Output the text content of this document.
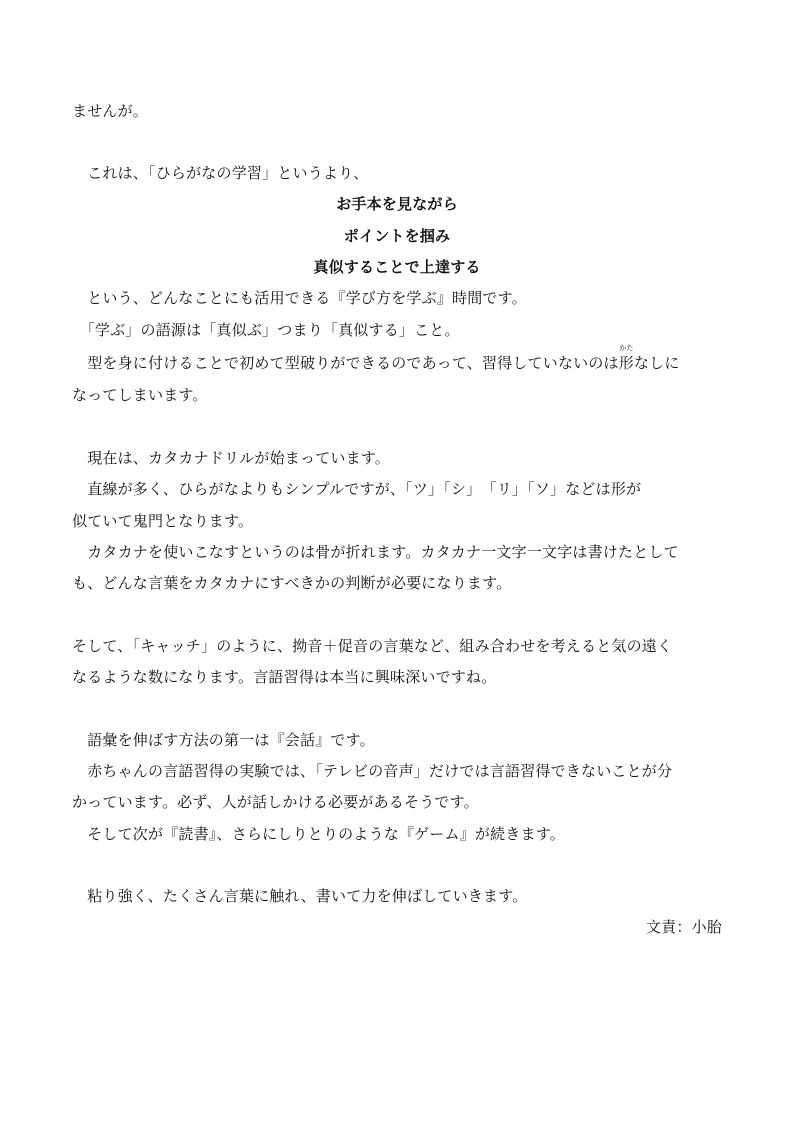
ませんが。
　これは、「ひらがなの学習」というより、
お手本を見ながら
ポイントを掴み
真似することで上達する
　という、どんなことにも活用できる『学び方を学ぶ』時間です。
　「学ぶ」の語源は「真似ぶ」つまり「真似する」こと。
　型を身に付けることで初めて型破りができるのであって、習得していないのは
かた
形なしに
なってしまいます。
　現在は、カタカナドリルが始まっています。
　直線が多く、ひらがなよりもシンプルですが、「ツ」「シ」　「リ」「ソ」などは形が
似ていて鬼門となります。
　カタカナを使いこなすというのは骨が折れます。カタカナ一文字一文字は書けたとして
も、どんな言葉をカタカナにすべきかの判断が必要になります。
そして、「キャッチ」のように、拗音＋促音の言葉など、組み合わせを考えると気の遠く
なるような数になります。言語習得は本当に興味深いですね。
　語彙を伸ばす方法の第一は『会話』です。
　赤ちゃんの言語習得の実験では、「テレビの音声」だけでは言語習得できないことが分
かっています。必ず、人が話しかける必要があるそうです。
　そして次が『読書』、さらにしりとりのような『ゲーム』が続きます。
　粘り強く、たくさん言葉に触れ、書いて力を伸ばしていきます。
文責：小胎
